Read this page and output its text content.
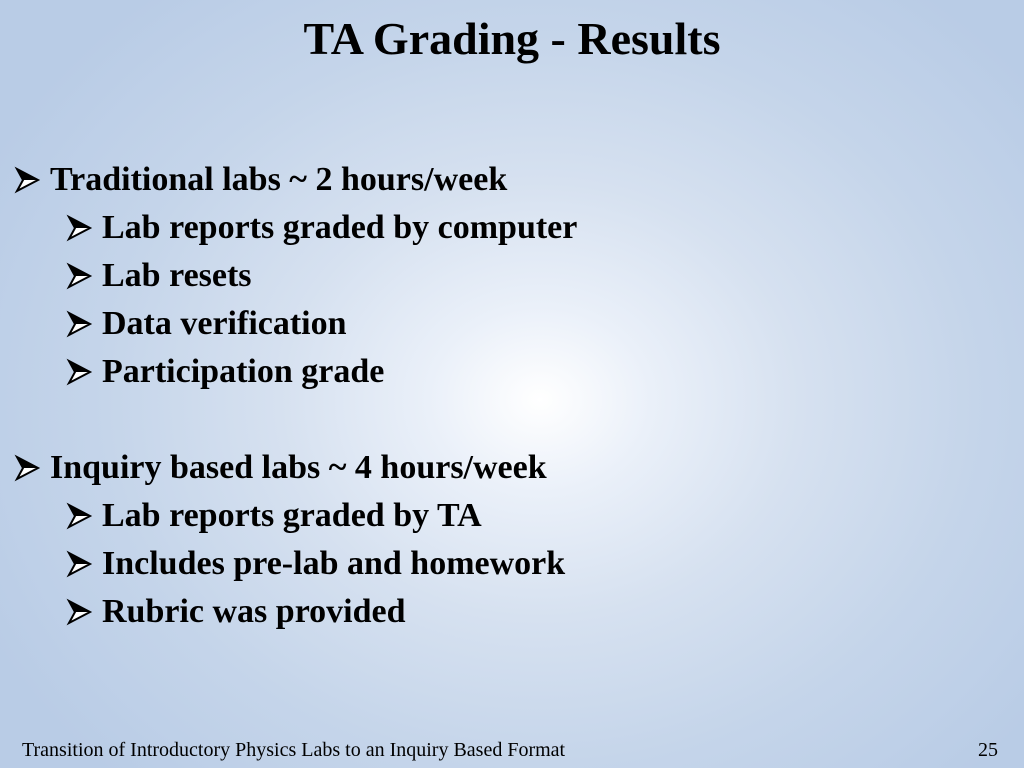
TA Grading - Results
Traditional labs ~ 2 hours/week
Lab reports graded by computer
Lab resets
Data verification
Participation grade
Inquiry based labs ~ 4 hours/week
Lab reports graded by TA
Includes pre-lab and homework
Rubric was provided
Transition of Introductory Physics Labs to an Inquiry Based Format	25
